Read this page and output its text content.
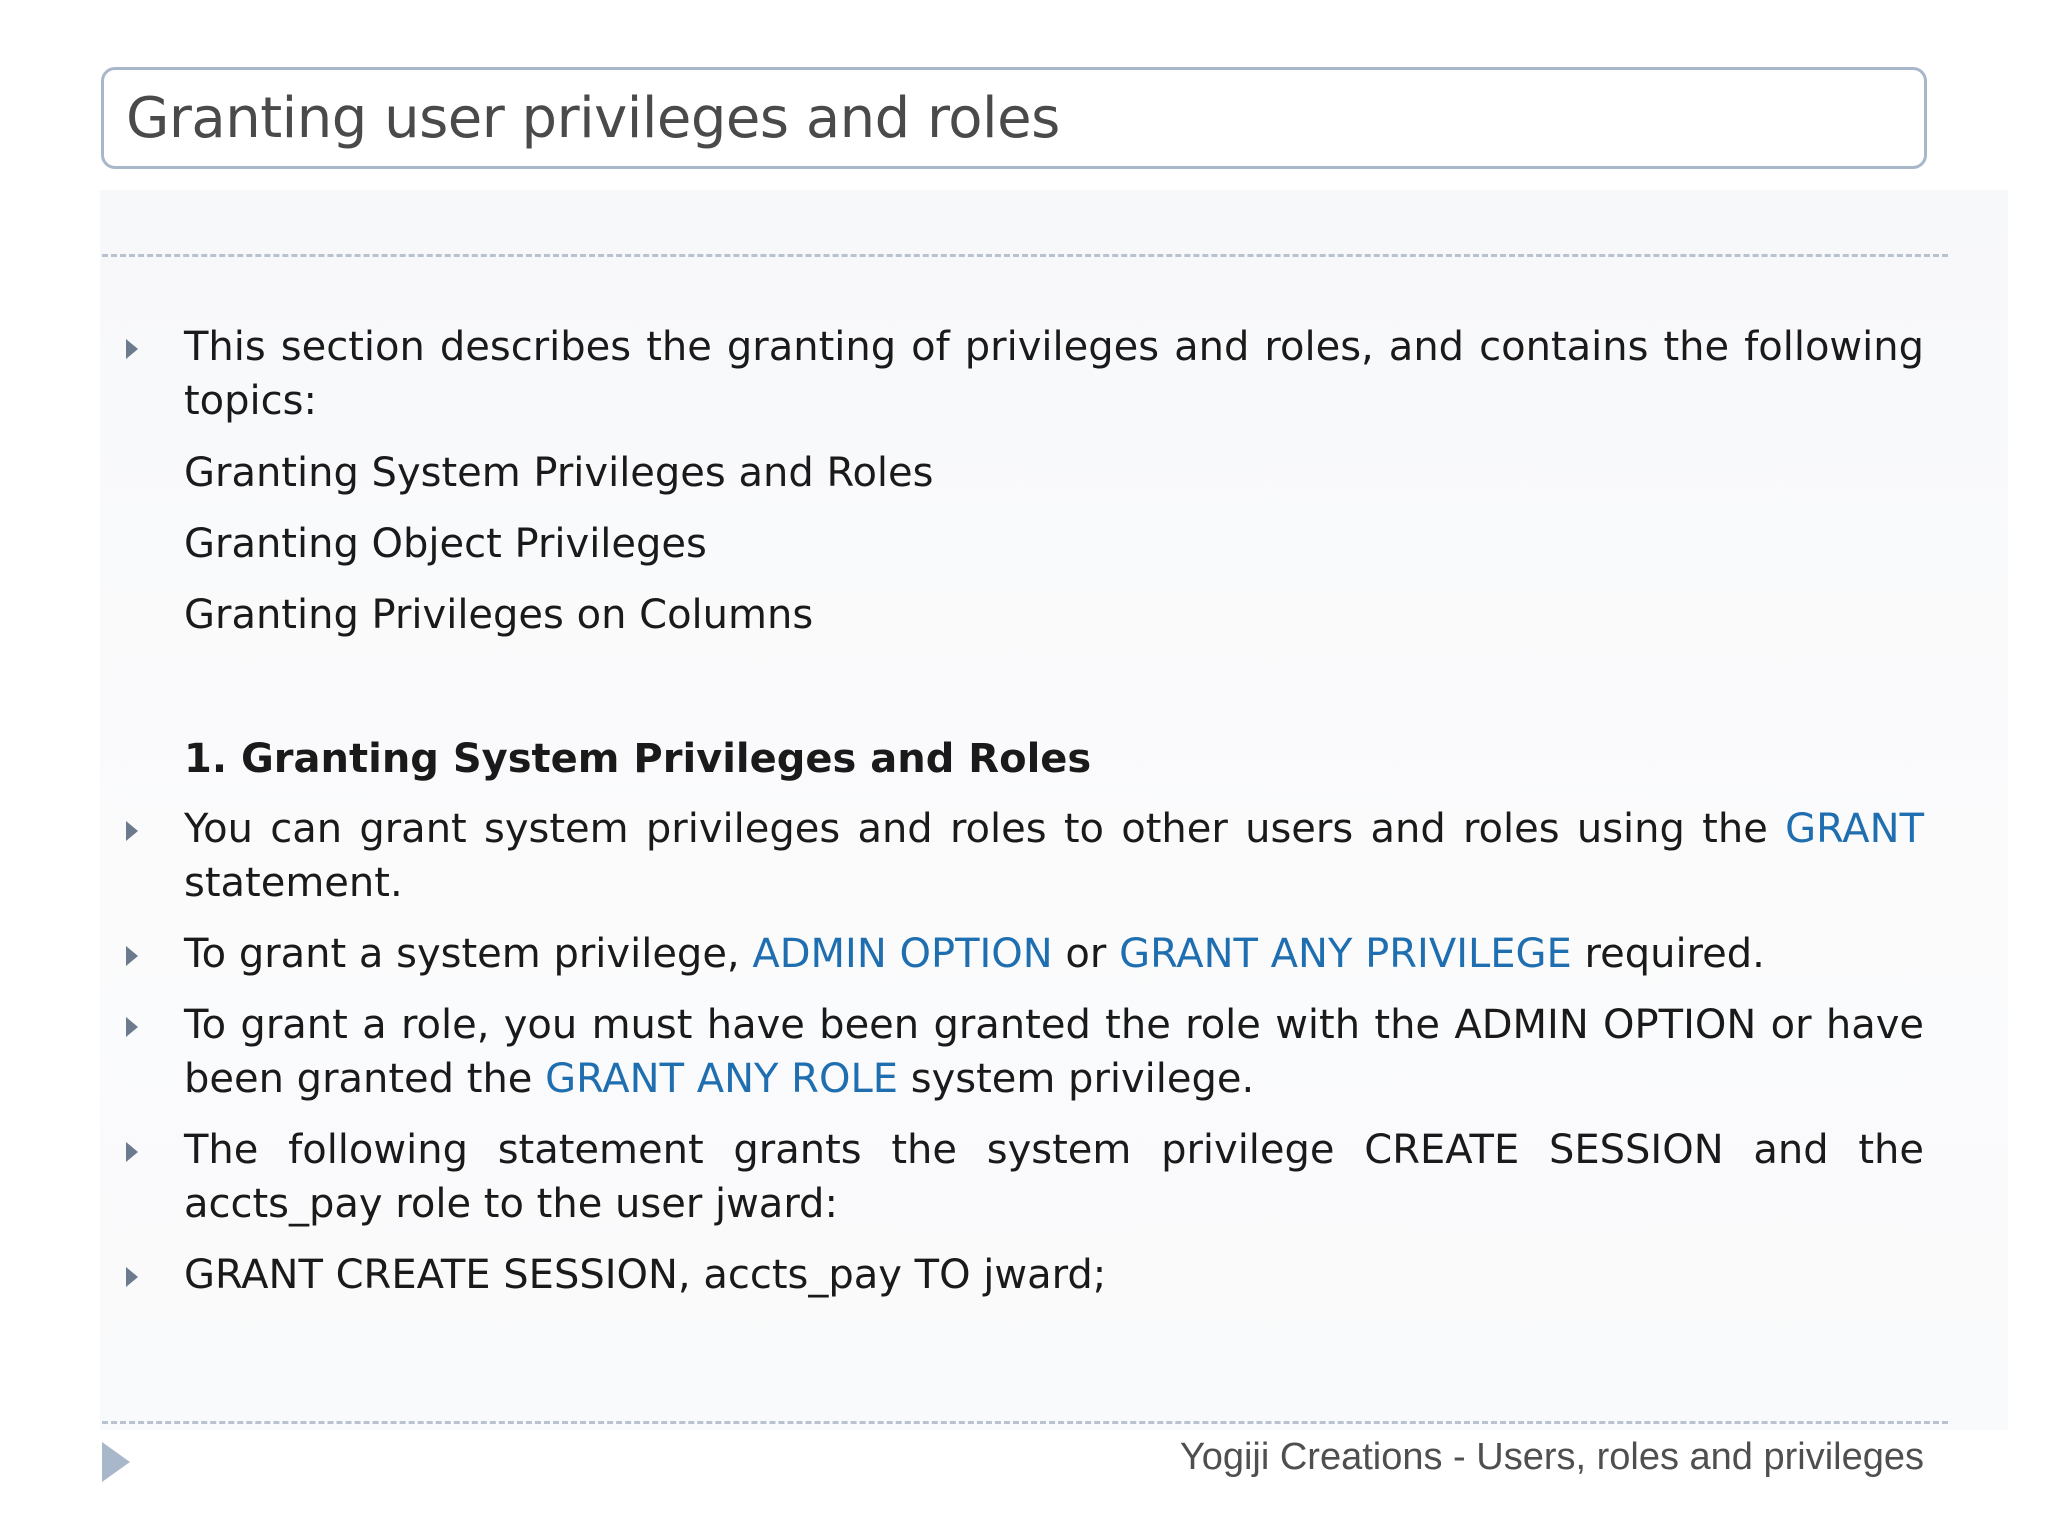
Granting user privileges and roles
This section describes the granting of privileges and roles, and contains the following topics:
Granting System Privileges and Roles
Granting Object Privileges
Granting Privileges on Columns
1. Granting System Privileges and Roles
You can grant system privileges and roles to other users and roles using the GRANT statement.
To grant a system privilege, ADMIN OPTION or GRANT ANY PRIVILEGE required.
To grant a role, you must have been granted the role with the ADMIN OPTION or have been granted the GRANT ANY ROLE system privilege.
The following statement grants the system privilege CREATE SESSION and the accts_pay role to the user jward:
GRANT CREATE SESSION, accts_pay TO jward;
Yogiji Creations - Users, roles and privileges
